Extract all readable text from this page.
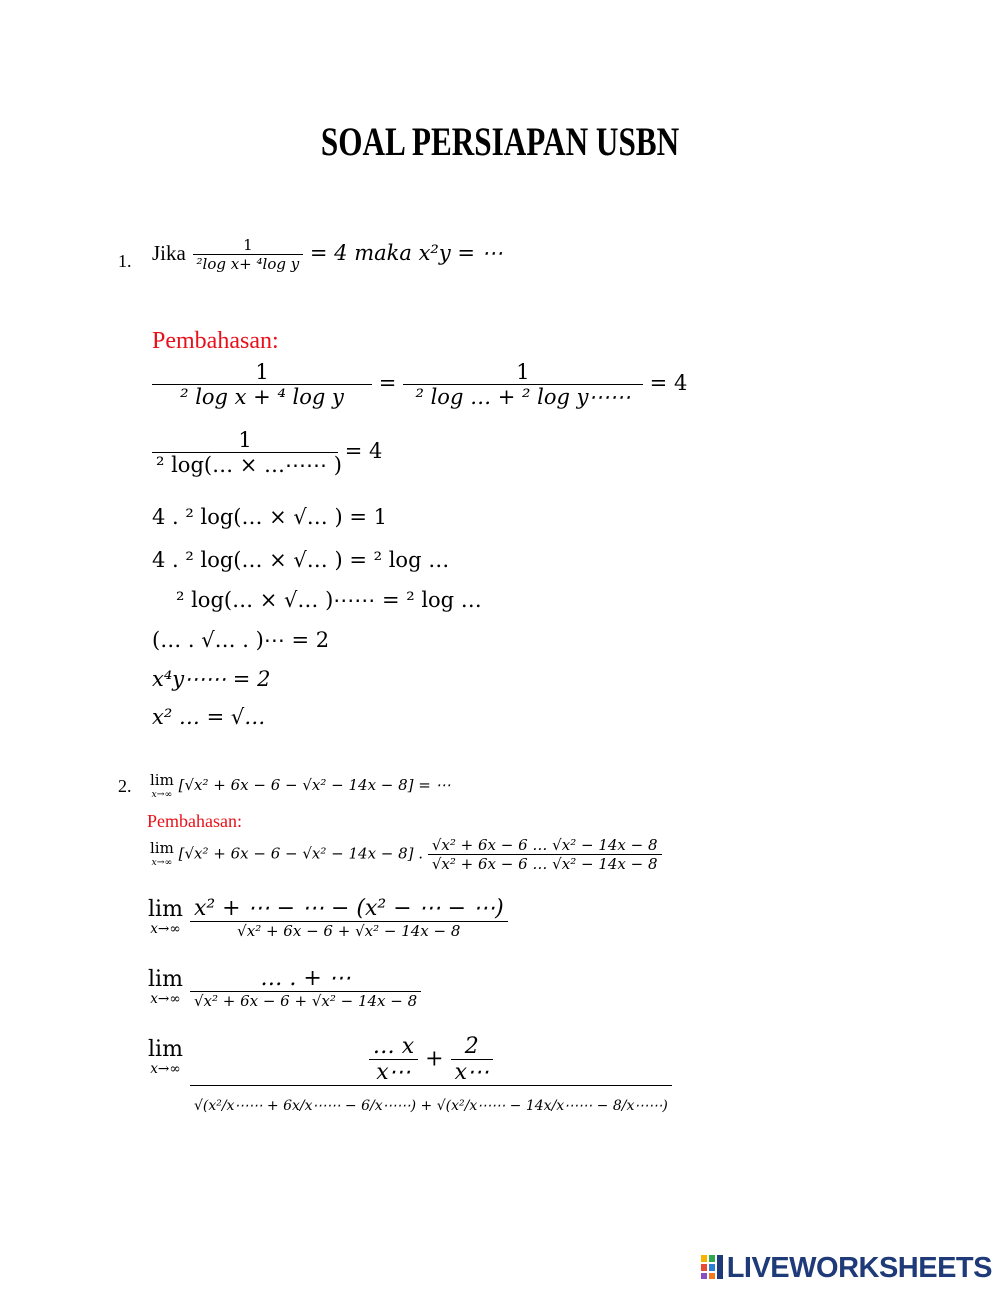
SOAL PERSIAPAN USBN
1. Jika $\frac{1}{\text{²log x+ ⁴log y}} = 4$ maka x²y = ⋯
Pembahasan:
$\frac{1}{\text{² log x + ⁴ log y}} = \frac{1}{\text{² log … + ² log y⋯⋯}} = 4$
$\frac{1}{\text{² log(… × …⋯⋯ )}} = 4$
4 . ² log(… × √… ) = 1
4 . ² log(… × √… ) = ² log …
² log(… × √… )⋯⋯ = ² log …
(… . √… . )⋯ = 2
x⁴y⋯⋯ = 2
x² … = √…
2. lim
x→∞
[√x² + 6x − 6 − √x² − 14x − 8] = ⋯
Pembahasan:
lim
x→∞
[√x² + 6x − 6 − √x² − 14x − 8] . $\frac{\text{√x² + 6x − 6 … √x² − 14x − 8}}{\text{√x² + 6x − 6 … √x² − 14x − 8}}$
lim
x→∞
$\frac{\text{x² + ⋯ − ⋯ − (x² − ⋯ − ⋯)}}{\text{√x² + 6x − 6 + √x² − 14x − 8}}$
lim
x→∞
$\frac{\dots . + \cdots}{\text{√x² + 6x − 6 + √x² − 14x − 8}}$
lim
x→∞
$\frac{\frac{\dots x}{x\cdots} + \frac{2}{x\cdots}}{\text{√(x²/x⋯⋯ + 6x/x⋯⋯ − 6/x⋯⋯) + √(x²/x⋯⋯ − 14x/x⋯⋯ − 8/x⋯⋯)}}$
LIVEWORKSHEETS
